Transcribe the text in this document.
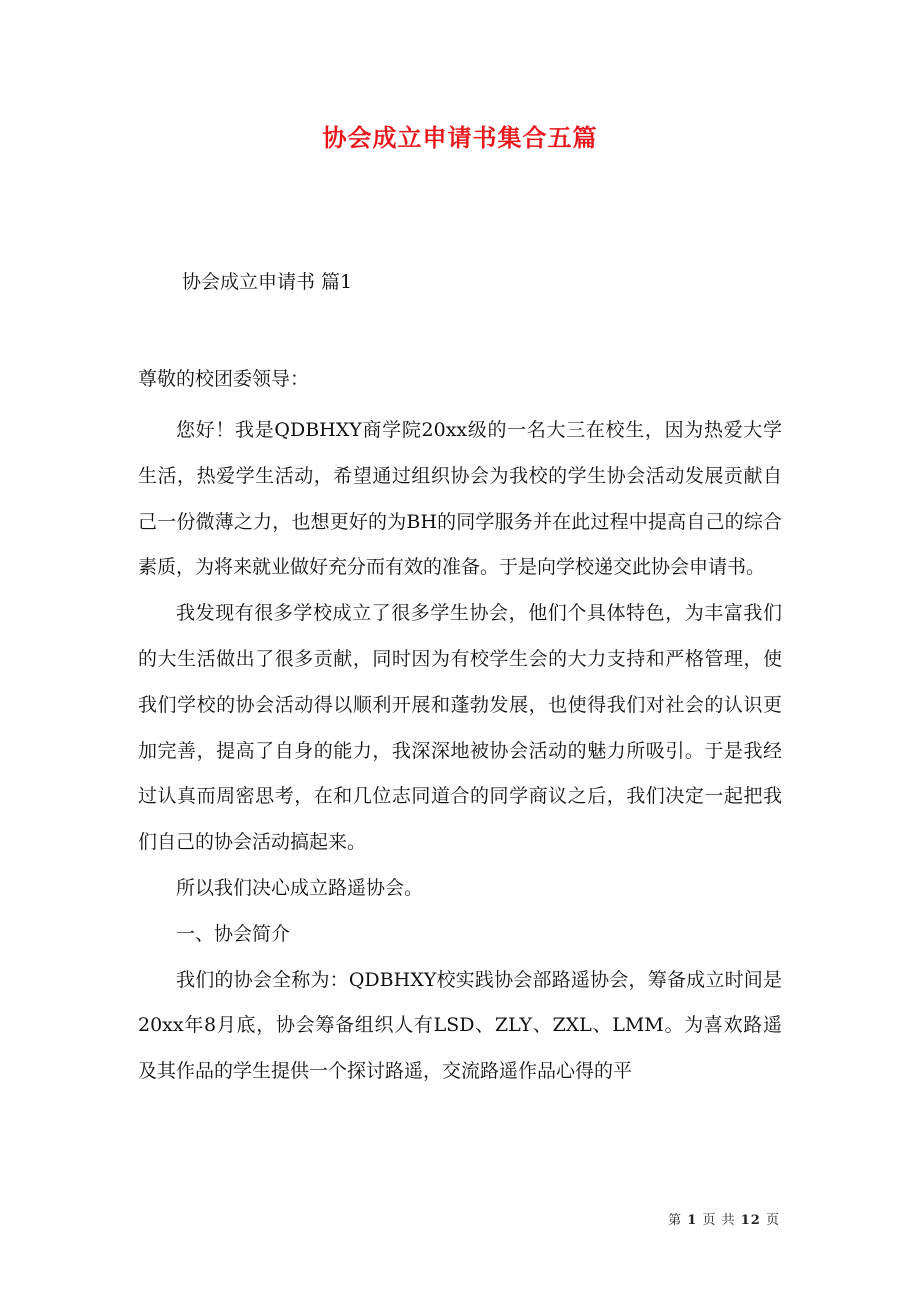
协会成立申请书集合五篇
协会成立申请书 篇1
尊敬的校团委领导：

您好！我是QDBHXY商学院20xx级的一名大三在校生，因为热爱大学生活，热爱学生活动，希望通过组织协会为我校的学生协会活动发展贡献自己一份微薄之力，也想更好的为BH的同学服务并在此过程中提高自己的综合素质，为将来就业做好充分而有效的准备。于是向学校递交此协会申请书。

我发现有很多学校成立了很多学生协会，他们个具体特色，为丰富我们的大生活做出了很多贡献，同时因为有校学生会的大力支持和严格管理，使我们学校的协会活动得以顺利开展和蓬勃发展，也使得我们对社会的认识更加完善，提高了自身的能力，我深深地被协会活动的魅力所吸引。于是我经过认真而周密思考，在和几位志同道合的同学商议之后，我们决定一起把我们自己的协会活动搞起来。

所以我们决心成立路遥协会。

一、协会简介

我们的协会全称为：QDBHXY校实践协会部路遥协会，筹备成立时间是20xx年8月底，协会筹备组织人有LSD、ZLY、ZXL、LMM。为喜欢路遥及其作品的学生提供一个探讨路遥，交流路遥作品心得的平

第 1 页 共 12 页
